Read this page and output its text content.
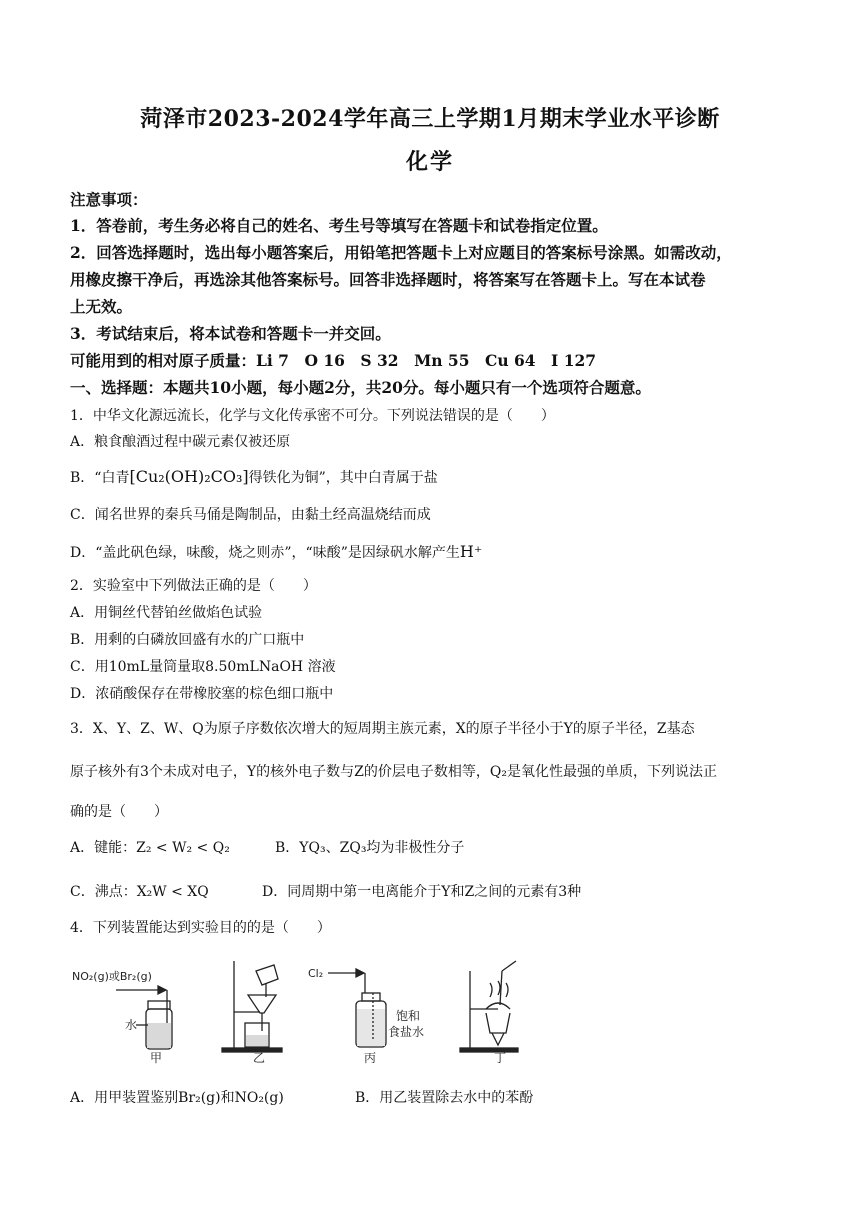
菏泽市2023-2024学年高三上学期1月期末学业水平诊断
化学
注意事项：
1．答卷前，考生务必将自己的姓名、考生号等填写在答题卡和试卷指定位置。
2．回答选择题时，选出每小题答案后，用铅笔把答题卡上对应题目的答案标号涂黑。如需改动，
用橡皮擦干净后，再选涂其他答案标号。回答非选择题时，将答案写在答题卡上。写在本试卷
上无效。
3．考试结束后，将本试卷和答题卡一并交回。
可能用到的相对原子质量：Li 7　O 16　S 32　Mn 55　Cu 64　I 127
一、选择题：本题共10小题，每小题2分，共20分。每小题只有一个选项符合题意。
1．中华文化源远流长，化学与文化传承密不可分。下列说法错误的是（　　）
A．粮食酿酒过程中碳元素仅被还原
B．“白青[Cu₂(OH)₂CO₃]得铁化为铜”，其中白青属于盐
C．闻名世界的秦兵马俑是陶制品，由黏土经高温烧结而成
D．“盖此矾色绿，味酸，烧之则赤”，“味酸”是因绿矾水解产生H⁺
2．实验室中下列做法正确的是（　　）
A．用铜丝代替铂丝做焰色试验
B．用剩的白磷放回盛有水的广口瓶中
C．用10mL量筒量取8.50mLNaOH 溶液
D．浓硝酸保存在带橡胶塞的棕色细口瓶中
3．X、Y、Z、W、Q为原子序数依次增大的短周期主族元素，X的原子半径小于Y的原子半径，Z基态
原子核外有3个未成对电子，Y的核外电子数与Z的价层电子数相等，Q₂是氧化性最强的单质，下列说法正
确的是（　　）
A．键能：Z₂ < W₂ < Q₂	B．YQ₃、ZQ₃均为非极性分子
C．沸点：X₂W < XQ	D．同周期中第一电离能介于Y和Z之间的元素有3种
4．下列装置能达到实验目的的是（　　）
NO₂(g)或Br₂(g)
水
甲	乙
Cl₂
饱和
食盐水
丙	丁
A．用甲装置鉴别Br₂(g)和NO₂(g)	B．用乙装置除去水中的苯酚
